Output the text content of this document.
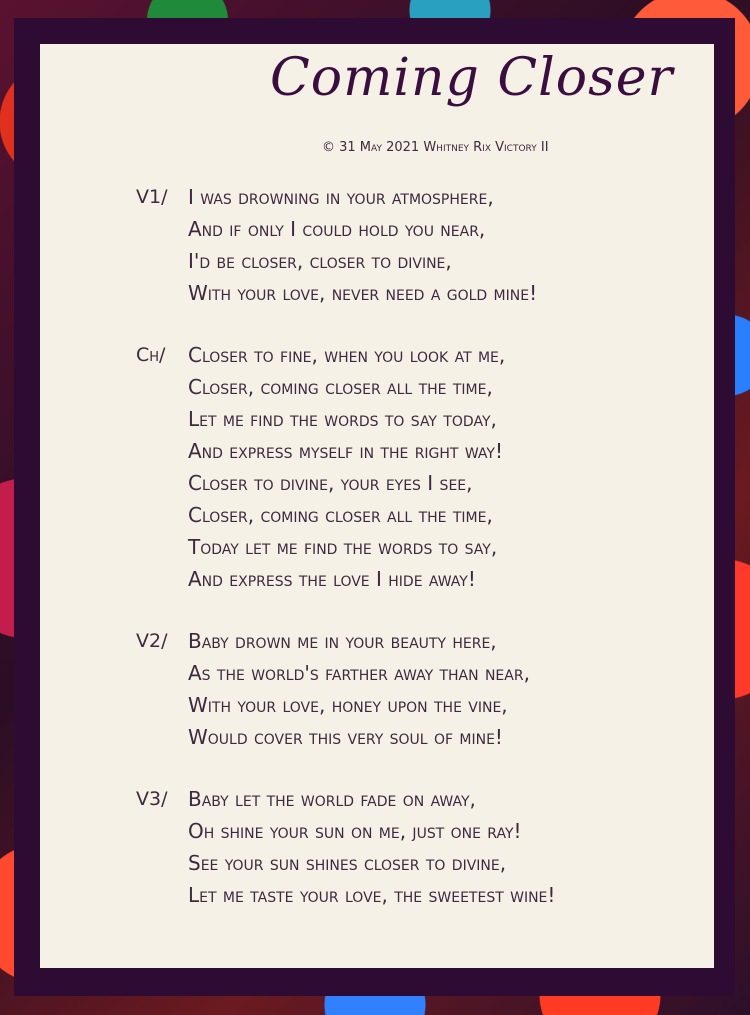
Coming Closer
© 31 May 2021 Whitney Rix Victory II
V1/ I was drowning in your atmosphere,
And if only I could hold you near,
I'd be closer, closer to divine,
With your love, never need a gold mine!
Ch/ Closer to fine, when you look at me,
Closer, coming closer all the time,
Let me find the words to say today,
And express myself in the right way!
Closer to divine, your eyes I see,
Closer, coming closer all the time,
Today let me find the words to say,
And express the love I hide away!
V2/ Baby drown me in your beauty here,
As the world's farther away than near,
With your love, honey upon the vine,
Would cover this very soul of mine!
V3/ Baby let the world fade on away,
Oh shine your sun on me, just one ray!
See your sun shines closer to divine,
Let me taste your love, the sweetest wine!
